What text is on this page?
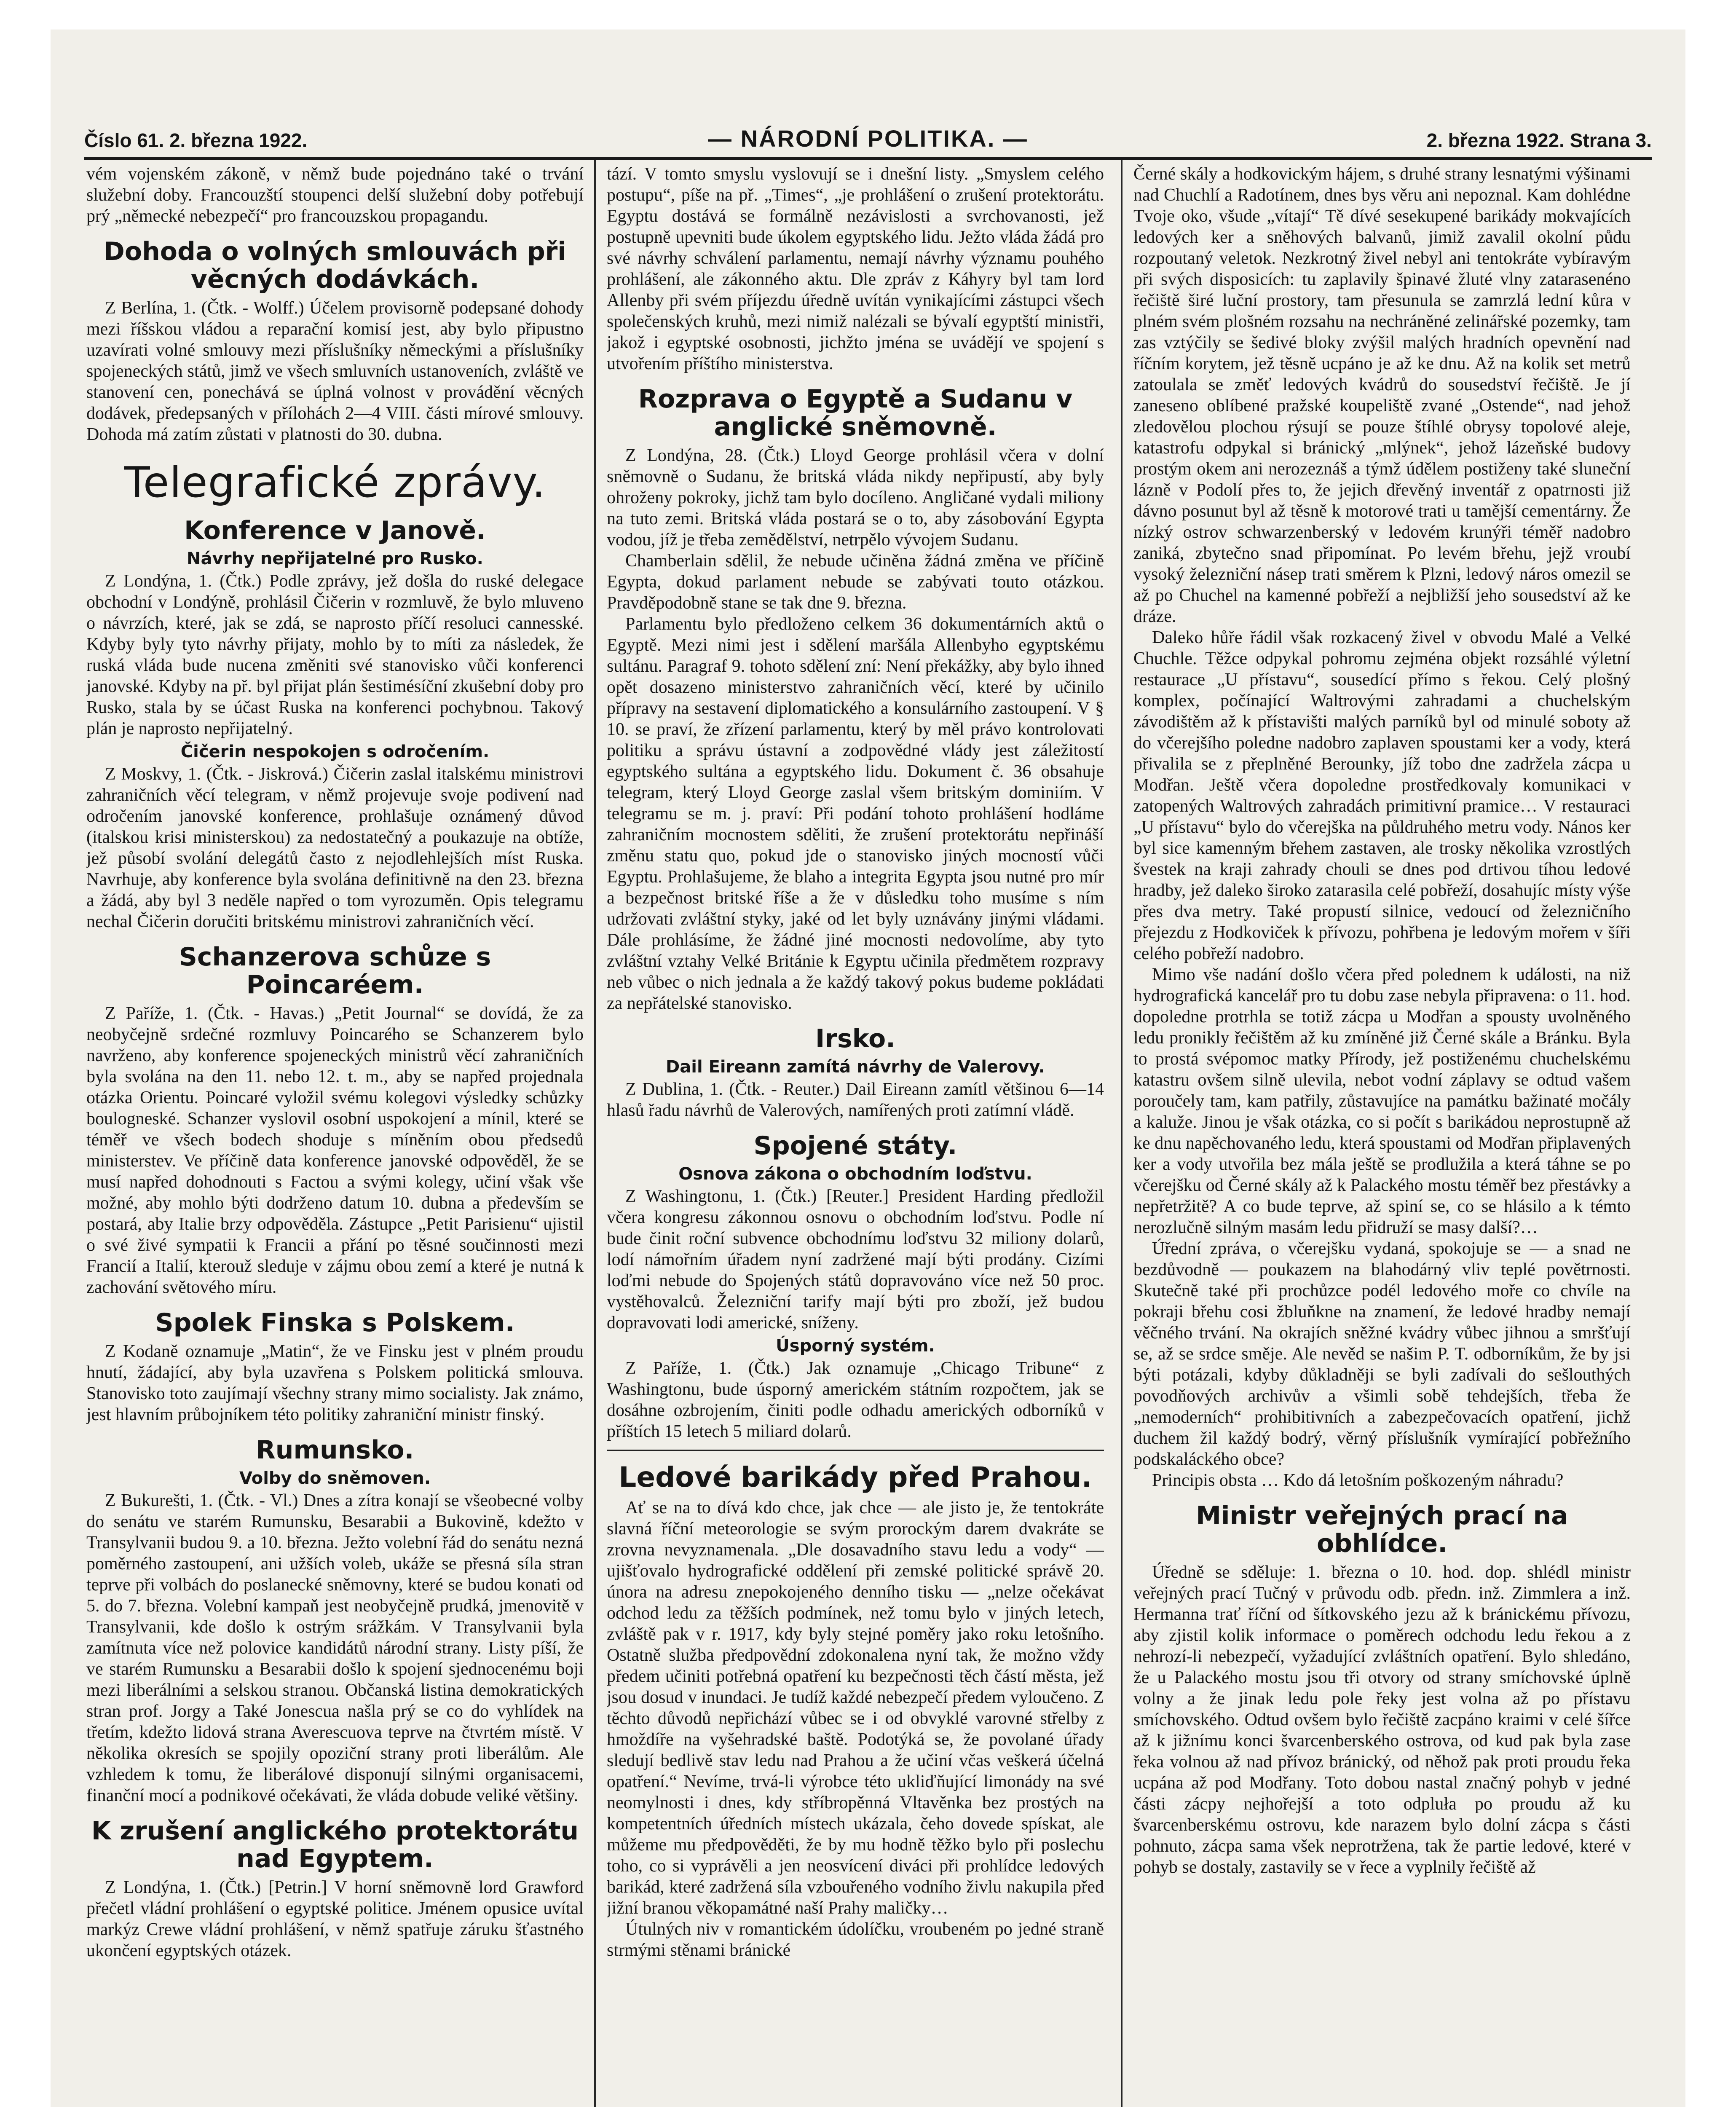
Číslo 61. 2. března 1922.	— NÁRODNÍ POLITIKA. —	2. března 1922. Strana 3.

vém vojenském zákoně, v němž bude pojednáno také o trvání služební doby. Francouzští stoupenci delší služební doby potřebují prý „německé nebezpečí“ pro francouzskou propagandu.

Dohoda o volných smlouvách při věcných dodávkách.

Z Berlína, 1. (Čtk. - Wolff.) Účelem provisorně podepsané dohody mezi říšskou vládou a reparační komisí jest, aby bylo připustno uzavírati volné smlouvy mezi příslušníky německými a příslušníky spojeneckých států, jimž ve všech smluvních ustanoveních, zvláště ve stanovení cen, ponechává se úplná volnost v provádění věcných dodávek, předepsaných v přílohách 2—4 VIII. části mírové smlouvy. Dohoda má zatím zůstati v platnosti do 30. dubna.

Telegrafické zprávy.
Konference v Janově.
Návrhy nepřijatelné pro Rusko.

Z Londýna, 1. (Čtk.) Podle zprávy, jež došla do ruské delegace obchodní v Londýně, prohlásil Čičerin v rozmluvě, že bylo mluveno o návrzích, které, jak se zdá, se naprosto příčí resoluci cannesské. Kdyby byly tyto návrhy přijaty, mohlo by to míti za následek, že ruská vláda bude nucena změniti své stanovisko vůči konferenci janovské. Kdyby na př. byl přijat plán šestimésíční zkušební doby pro Rusko, stala by se účast Ruska na konferenci pochybnou. Takový plán je naprosto nepřijatelný.

Čičerin nespokojen s odročením.

Z Moskvy, 1. (Čtk. - Jiskrová.) Čičerin zaslal italskému ministrovi zahraničních věcí telegram, v němž projevuje svoje podivení nad odročením janovské konference, prohlašuje oznámený důvod (italskou krisi ministerskou) za nedostatečný a poukazuje na obtíže, jež působí svolání delegátů často z nejodlehlejších míst Ruska. Navrhuje, aby konference byla svolána definitivně na den 23. března a žádá, aby byl 3 neděle napřed o tom vyrozuměn. Opis telegramu nechal Čičerin doručiti britskému ministrovi zahraničních věcí.

Schanzerova schůze s Poincaréem.

Z Paříže, 1. (Čtk. - Havas.) „Petit Journal“ se dovídá, že za neobyčejně srdečné rozmluvy Poincarého se Schanzerem bylo navrženo, aby konference spojeneckých ministrů věcí zahraničních byla svolána na den 11. nebo 12. t. m., aby se napřed projednala otázka Orientu. Poincaré vyložil svému kolegovi výsledky schůzky boulogneské. Schanzer vyslovil osobní uspokojení a mínil, které se téměř ve všech bodech shoduje s míněním obou předsedů ministerstev. Ve příčině data konference janovské odpověděl, že se musí napřed dohodnouti s Factou a svými kolegy, učiní však vše možné, aby mohlo býti dodrženo datum 10. dubna a především se postará, aby Italie brzy odpověděla. Zástupce „Petit Parisienu“ ujistil o své živé sympatii k Francii a přání po těsné součinnosti mezi Francií a Italií, kterouž sleduje v zájmu obou zemí a které je nutná k zachování světového míru.

Spolek Finska s Polskem.

Z Kodaně oznamuje „Matin“, že ve Finsku jest v plném proudu hnutí, žádající, aby byla uzavřena s Polskem politická smlouva. Stanovisko toto zaujímají všechny strany mimo socialisty. Jak známo, jest hlavním průbojníkem této politiky zahraniční ministr finský.

Rumunsko.
Volby do sněmoven.

Z Bukurešti, 1. (Čtk. - Vl.) Dnes a zítra konají se všeobecné volby do senátu ve starém Rumunsku, Besarabii a Bukovině, kdežto v Transylvanii budou 9. a 10. března. Ježto volební řád do senátu nezná poměrného zastoupení, ani užších voleb, ukáže se přesná síla stran teprve při volbách do poslanecké sněmovny, které se budou konati od 5. do 7. března. Volební kampaň jest neobyčejně prudká, jmenovitě v Transylvanii, kde došlo k ostrým srážkám. V Transylvanii byla zamítnuta více než polovice kandidátů národní strany. Listy píší, že ve starém Rumunsku a Besarabii došlo k spojení sjednocenému boji mezi liberálními a selskou stranou. Občanská listina demokratických stran prof. Jorgy a Také Jonescua našla prý se co do vyhlídek na třetím, kdežto lidová strana Averescuova teprve na čtvrtém místě. V několika okresích se spojily opoziční strany proti liberálům. Ale vzhledem k tomu, že liberálové disponují silnými organisacemi, finanční mocí a podnikové očekávati, že vláda dobude veliké většiny.

K zrušení anglického protektorátu nad Egyptem.

Z Londýna, 1. (Čtk.) [Petrin.] V horní sněmovně lord Grawford přečetl vládní prohlášení o egyptské politice. Jménem opusice uvítal markýz Crewe vládní prohlášení, v němž spatřuje záruku šťastného ukončení egyptských otázek.

tází. V tomto smyslu vyslovují se i dnešní listy. „Smyslem celého postupu“, píše na př. „Times“, „je prohlášení o zrušení protektorátu. Egyptu dostává se formálně nezávislosti a svrchovanosti, jež postupně upevniti bude úkolem egyptského lidu. Ježto vláda žádá pro své návrhy schválení parlamentu, nemají návrhy významu pouhého prohlášení, ale zákonného aktu. Dle zpráv z Káhyry byl tam lord Allenby při svém příjezdu úředně uvítán vynikajícími zástupci všech společenských kruhů, mezi nimiž nalézali se bývalí egyptští ministři, jakož i egyptské osobnosti, jichžto jména se uvádějí ve spojení s utvořením příštího ministerstva.

Rozprava o Egyptě a Sudanu v anglické sněmovně.

Z Londýna, 28. (Čtk.) Lloyd George prohlásil včera v dolní sněmovně o Sudanu, že britská vláda nikdy nepřipustí, aby byly ohroženy pokroky, jichž tam bylo docíleno. Angličané vydali miliony na tuto zemi. Britská vláda postará se o to, aby zásobování Egypta vodou, jíž je třeba zemědělství, netrpělo vývojem Sudanu.

Chamberlain sdělil, že nebude učiněna žádná změna ve příčině Egypta, dokud parlament nebude se zabývati touto otázkou. Pravděpodobně stane se tak dne 9. března.

Parlamentu bylo předloženo celkem 36 dokumentárních aktů o Egyptě. Mezi nimi jest i sdělení maršála Allenbyho egyptskému sultánu. Paragraf 9. tohoto sdělení zní: Není překážky, aby bylo ihned opět dosazeno ministerstvo zahraničních věcí, které by učinilo přípravy na sestavení diplomatického a konsulárního zastoupení. V § 10. se praví, že zřízení parlamentu, který by měl právo kontrolovati politiku a správu ústavní a zodpovědné vlády jest záležitostí egyptského sultána a egyptského lidu. Dokument č. 36 obsahuje telegram, který Lloyd George zaslal všem britským dominiím. V telegramu se m. j. praví: Při podání tohoto prohlášení hodláme zahraničním mocnostem sděliti, že zrušení protektorátu nepřináší změnu statu quo, pokud jde o stanovisko jiných mocností vůči Egyptu. Prohlašujeme, že blaho a integrita Egypta jsou nutné pro mír a bezpečnost britské říše a že v důsledku toho musíme s ním udržovati zvláštní styky, jaké od let byly uznávány jinými vládami. Dále prohlásíme, že žádné jiné mocnosti nedovolíme, aby tyto zvláštní vztahy Velké Británie k Egyptu učinila předmětem rozpravy neb vůbec o nich jednala a že každý takový pokus budeme pokládati za nepřátelské stanovisko.

Irsko.
Dail Eireann zamítá návrhy de Valerovy.

Z Dublina, 1. (Čtk. - Reuter.) Dail Eireann zamítl většinou 6—14 hlasů řadu návrhů de Valerových, namířených proti zatímní vládě.

Spojené státy.
Osnova zákona o obchodním loďstvu.

Z Washingtonu, 1. (Čtk.) [Reuter.] President Harding předložil včera kongresu zákonnou osnovu o obchodním loďstvu. Podle ní bude činit roční subvence obchodnímu loďstvu 32 miliony dolarů, lodí námořním úřadem nyní zadržené mají býti prodány. Cizími loďmi nebude do Spojených států dopravováno více než 50 proc. vystěhovalců. Železniční tarify mají býti pro zboží, jež budou dopravovati lodi americké, sníženy.

Úsporný systém.

Z Paříže, 1. (Čtk.) Jak oznamuje „Chicago Tribune“ z Washingtonu, bude úsporný americkém státním rozpočtem, jak se dosáhne ozbrojením, činiti podle odhadu amerických odborníků v příštích 15 letech 5 miliard dolarů.

Ledové barikády před Prahou.

Ať se na to dívá kdo chce, jak chce — ale jisto je, že tentokráte slavná říční meteorologie se svým prorockým darem dvakráte se zrovna nevyznamenala. „Dle dosavadního stavu ledu a vody“ — ujišťovalo hydrografické oddělení při zemské politické správě 20. února na adresu znepokojeného denního tisku — „nelze očekávat odchod ledu za těžších podmínek, než tomu bylo v jiných letech, zvláště pak v r. 1917, kdy byly stejné poměry jako roku letošního. Ostatně služba předpovědní zdokonalena nyní tak, že možno vždy předem učiniti potřebná opatření ku bezpečnosti těch částí města, jež jsou dosud v inundaci. Je tudíž každé nebezpečí předem vyloučeno. Z těchto důvodů nepřichází vůbec se i od obvyklé varovné střelby z hmoždíře na vyšehradské baště. Podotýká se, že povolané úřady sledují bedlivě stav ledu nad Prahou a že učiní včas veškerá účelná opatření.“ Nevíme, trvá-li výrobce této ukliďňující limonády na své neomylnosti i dnes, kdy stříbropěnná Vltavěnka bez prostých na kompetentních úředních místech ukázala, čeho dovede spískat, ale můžeme mu předpověděti, že by mu hodně těžko bylo při poslechu toho, co si vyprávěli a jen neosvícení diváci při prohlídce ledových barikád, které zadržená síla vzbouřeného vodního živlu nakupila před jižní branou věkopamátné naší Prahy maličky…

Útulných niv v romantickém údolíčku, vroubeném po jedné straně strmými stěnami bránické

Černé skály a hodkovickým hájem, s druhé strany lesnatými výšinami nad Chuchlí a Radotínem, dnes bys věru ani nepoznal. Kam dohlédne Tvoje oko, všude „vítají“ Tě dívé sesekupené barikády mokvajících ledových ker a sněhových balvanů, jimiž zavalil okolní půdu rozpoutaný veletok. Nezkrotný živel nebyl ani tentokráte vybíravým při svých disposicích: tu zaplavily špinavé žluté vlny zatarasenéno řečiště širé luční prostory, tam přesunula se zamrzlá lední kůra v plném svém plošném rozsahu na nechráněné zelinářské pozemky, tam zas vztýčily se šedivé bloky zvýšil malých hradních opevnění nad říčním korytem, jež těsně ucpáno je až ke dnu. Až na kolik set metrů zatoulala se změť ledových kvádrů do sousedství řečiště. Je jí zaneseno oblíbené pražské koupeliště zvané „Ostende“, nad jehož zledovělou plochou rýsují se pouze štíhlé obrysy topolové aleje, katastrofu odpykal si bránický „mlýnek“, jehož lázeňské budovy prostým okem ani nerozeznáš a týmž údělem postiženy také sluneční lázně v Podolí přes to, že jejich dřevěný inventář z opatrnosti již dávno posunut byl až těsně k motorové trati u tamější cementárny. Že nízký ostrov schwarzenberský v ledovém krunýři téměř nadobro zaniká, zbytečno snad připomínat. Po levém břehu, jejž vroubí vysoký železniční násep trati směrem k Plzni, ledový náros omezil se až po Chuchel na kamenné pobřeží a nejbližší jeho sousedství až ke dráze.

Daleko hůře řádil však rozkacený živel v obvodu Malé a Velké Chuchle. Těžce odpykal pohromu zejména objekt rozsáhlé výletní restaurace „U přístavu“, sousedící přímo s řekou. Celý plošný komplex, počínající Waltrovými zahradami a chuchelským závodištěm až k přístavišti malých parníků byl od minulé soboty až do včerejšího poledne nadobro zaplaven spoustami ker a vody, která přivalila se z přeplněné Berounky, jíž tobo dne zadržela zácpa u Modřan. Ještě včera dopoledne prostředkovaly komunikaci v zatopených Waltrových zahradách primitivní pramice… V restauraci „U přístavu“ bylo do včerejška na půldruhého metru vody. Nános ker byl sice kamenným břehem zastaven, ale trosky několika vzrostlých švestek na kraji zahrady chouli se dnes pod drtivou tíhou ledové hradby, jež daleko široko zatarasila celé pobřeží, dosahujíc místy výše přes dva metry. Také propustí silnice, vedoucí od železničního přejezdu z Hodkoviček k přívozu, pohřbena je ledovým mořem v šíři celého pobřeží nadobro.

Mimo vše nadání došlo včera před polednem k události, na niž hydrografická kancelář pro tu dobu zase nebyla připravena: o 11. hod. dopoledne protrhla se totiž zácpa u Modřan a spousty uvolněného ledu pronikly řečištěm až ku zmíněné již Černé skále a Bránku. Byla to prostá svépomoc matky Přírody, jež postiženému chuchelskému katastru ovšem silně ulevila, nebot vodní záplavy se odtud vašem poroučely tam, kam patřily, zůstavujíce na památku bažinaté močály a kaluže. Jinou je však otázka, co si počít s barikádou neprostupně až ke dnu napěchovaného ledu, která spoustami od Modřan připlavených ker a vody utvořila bez mála ještě se prodlužila a která táhne se po včerejšku od Černé skály až k Palackého mostu téměř bez přestávky a nepřetržitě? A co bude teprve, až spiní se, co se hlásilo a k témto nerozlučně silným masám ledu přidruží se masy další?…

Úřední zpráva, o včerejšku vydaná, spokojuje se — a snad ne bezdůvodně — poukazem na blahodárný vliv teplé povětrnosti. Skutečně také při prochůzce podél ledového moře co chvíle na pokraji břehu cosi žbluňkne na znamení, že ledové hradby nemají věčného trvání. Na okrajích sněžné kvádry vůbec jihnou a smršťují se, až se srdce směje. Ale nevěd se našim P. T. odborníkům, že by jsi býti potázali, kdyby důkladněji se byli zadívali do sešlouthých povodňových archivův a všimli sobě tehdejších, třeba že „nemoderních“ prohibitivních a zabezpečovacích opatření, jichž duchem žil každý bodrý, věrný příslušník vymírající pobřežního podskaláckého obce?

Principis obsta … Kdo dá letošním poškozeným náhradu?

Ministr veřejných prací na obhlídce.

Úředně se sděluje: 1. března o 10. hod. dop. shlédl ministr veřejných prací Tučný v průvodu odb. předn. inž. Zimmlera a inž. Hermanna trať říční od šítkovského jezu až k bránickému přívozu, aby zjistil kolik informace o poměrech odchodu ledu řekou a z nehrozí-li nebezpečí, vyžadující zvláštních opatření. Bylo shledáno, že u Palackého mostu jsou tři otvory od strany smíchovské úplně volny a že jinak ledu pole řeky jest volna až po přístavu smíchovského. Odtud ovšem bylo řečiště zacpáno kraimi v celé šířce až k jižnímu konci švarcenberského ostrova, od kud pak byla zase řeka volnou až nad přívoz bránický, od něhož pak proti proudu řeka ucpána až pod Modřany. Toto dobou nastal značný pohyb v jedné části zácpy nejhořejší a toto odpluła po proudu až ku švarcenberskému ostrovu, kde narazem bylo dolní zácpa s části pohnuto, zácpa sama všek neprotržena, tak že partie ledové, které v pohyb se dostaly, zastavily se v řece a vyplnily řečiště až
